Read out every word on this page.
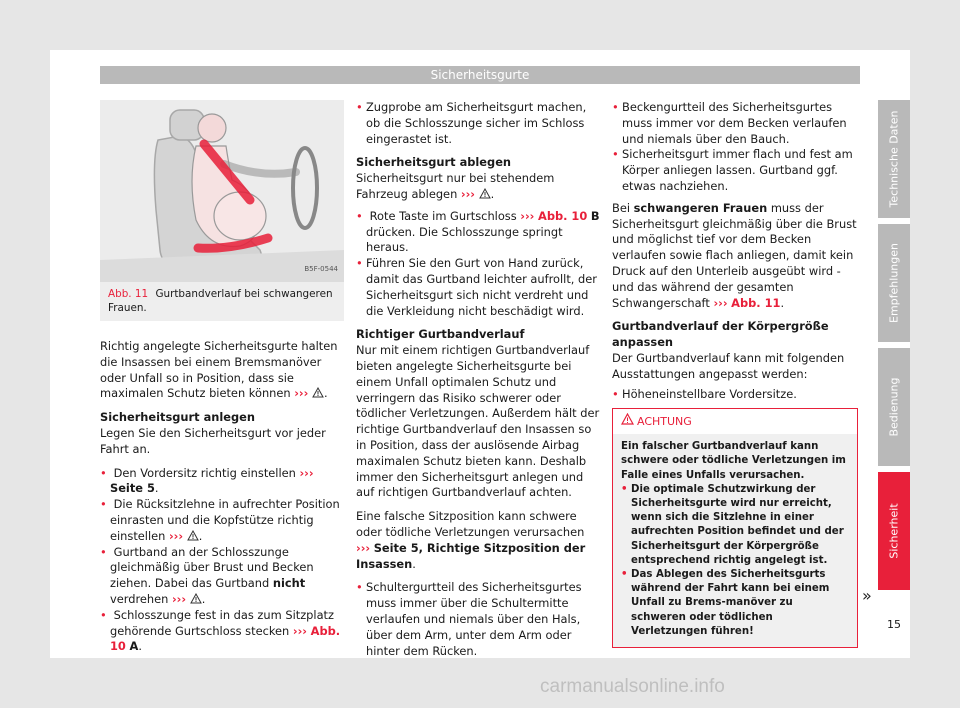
Sicherheitsgurte
B5F-0544
Abb. 11 Gurtbandverlauf bei schwangeren Frauen.

Richtig angelegte Sicherheitsgurte halten die Insassen bei einem Bremsmanöver oder Unfall so in Position, dass sie maximalen Schutz bieten können ››› .

Sicherheitsgurt anlegen

Legen Sie den Sicherheitsgurt vor jeder Fahrt an.

• Den Vordersitz richtig einstellen ››› Seite 5.
• Die Rücksitzlehne in aufrechter Position einrasten und die Kopfstütze richtig einstellen ››› .
• Gurtband an der Schlosszunge gleichmäßig über Brust und Becken ziehen. Dabei das Gurtband nicht verdrehen ››› .
• Schlosszunge fest in das zum Sitzplatz gehörende Gurtschloss stecken ››› Abb. 10 A.
• Zugprobe am Sicherheitsgurt machen, ob die Schlosszunge sicher im Schloss eingerastet ist.
Sicherheitsgurt ablegen

Sicherheitsgurt nur bei stehendem Fahrzeug ablegen ››› .

• Rote Taste im Gurtschloss ››› Abb. 10 B drücken. Die Schlosszunge springt heraus.
• Führen Sie den Gurt von Hand zurück, damit das Gurtband leichter aufrollt, der Sicherheitsgurt sich nicht verdreht und die Verkleidung nicht beschädigt wird.
Richtiger Gurtbandverlauf

Nur mit einem richtigen Gurtbandverlauf bieten angelegte Sicherheitsgurte bei einem Unfall optimalen Schutz und verringern das Risiko schwerer oder tödlicher Verletzungen. Außerdem hält der richtige Gurtbandverlauf den Insassen so in Position, dass der auslösende Airbag maximalen Schutz bieten kann. Deshalb immer den Sicherheitsgurt anlegen und auf richtigen Gurtbandverlauf achten.

Eine falsche Sitzposition kann schwere oder tödliche Verletzungen verursachen ››› Seite 5, Richtige Sitzposition der Insassen.

• Schultergurtteil des Sicherheitsgurtes muss immer über die Schultermitte verlaufen und niemals über den Hals, über dem Arm, unter dem Arm oder hinter dem Rücken.
• Beckengurtteil des Sicherheitsgurtes muss immer vor dem Becken verlaufen und niemals über den Bauch.
• Sicherheitsgurt immer flach und fest am Körper anliegen lassen. Gurtband ggf. etwas nachziehen.

Bei schwangeren Frauen muss der Sicherheitsgurt gleichmäßig über die Brust und möglichst tief vor dem Becken verlaufen sowie flach anliegen, damit kein Druck auf den Unterleib ausgeübt wird - und das während der gesamten Schwangerschaft ››› Abb. 11.

Gurtbandverlauf der Körpergröße anpassen

Der Gurtbandverlauf kann mit folgenden Ausstattungen angepasst werden:

• Höheneinstellbare Vordersitze.
ACHTUNG

Ein falscher Gurtbandverlauf kann schwere oder tödliche Verletzungen im Falle eines Unfalls verursachen.

• Die optimale Schutzwirkung der Sicherheitsgurte wird nur erreicht, wenn sich die Sitzlehne in einer aufrechten Position befindet und der Sicherheitsgurt der Körpergröße entsprechend richtig angelegt ist.
• Das Ablegen des Sicherheitsgurts während der Fahrt kann bei einem Unfall zu Brems-manöver zu schweren oder tödlichen Verletzungen führen!
»
Technische Daten
Empfehlungen
Bedienung
Sicherheit
15
carmanualsonline.info
